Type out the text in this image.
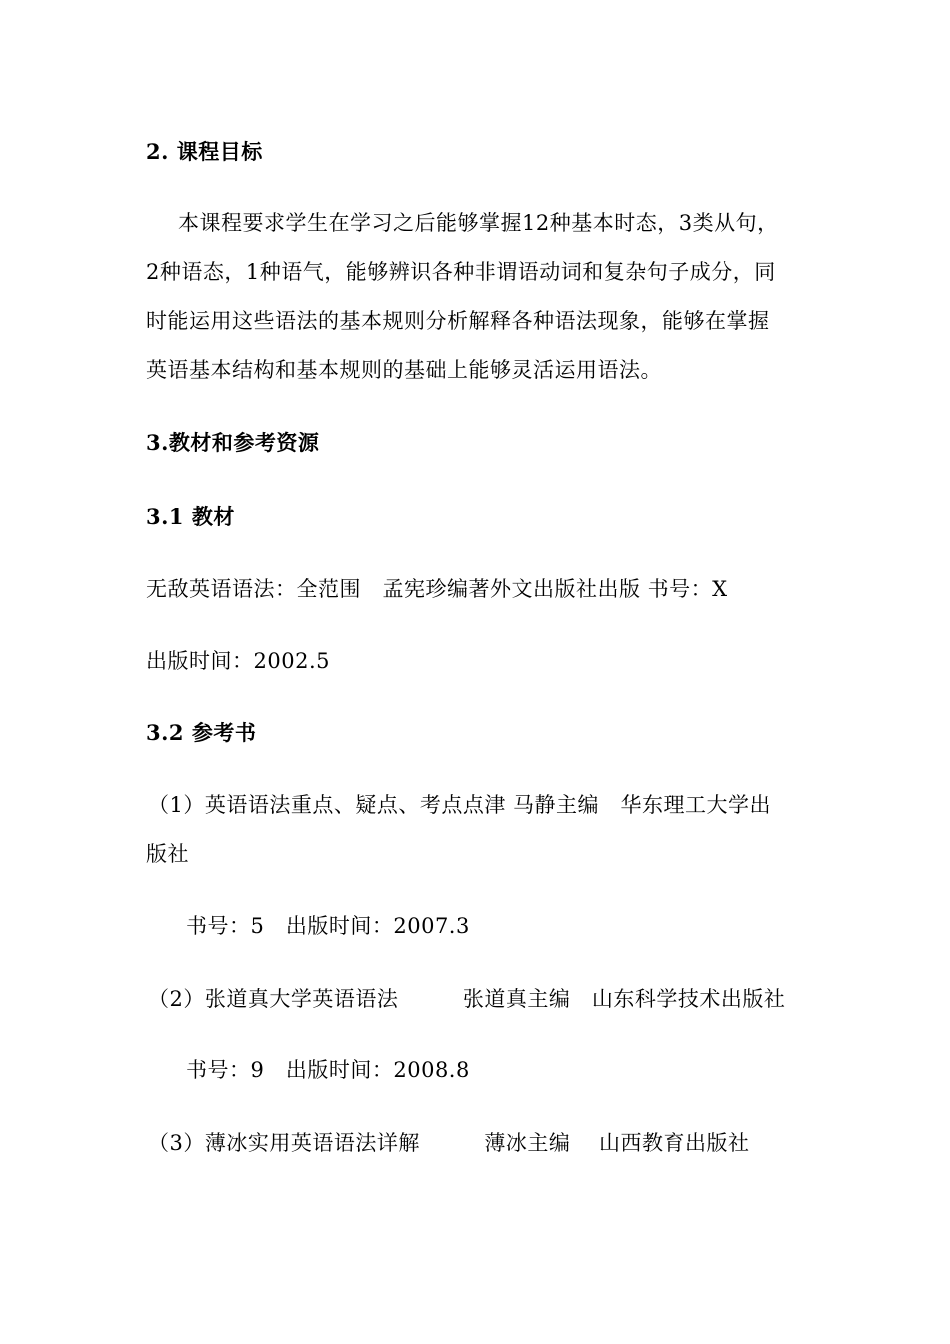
2. 课程目标
本课程要求学生在学习之后能够掌握12种基本时态，3类从句，
2种语态，1种语气，能够辨识各种非谓语动词和复杂句子成分，同
时能运用这些语法的基本规则分析解释各种语法现象，能够在掌握
英语基本结构和基本规则的基础上能够灵活运用语法。
3.教材和参考资源
3.1 教材
无敌英语语法：全范围　孟宪珍编著外文出版社出版 书号：X
出版时间：2002.5
3.2 参考书
（1）英语语法重点、疑点、考点点津 马静主编　华东理工大学出
版社
书号：5　出版时间：2007.3
（2）张道真大学英语语法　　　张道真主编　山东科学技术出版社
书号：9　出版时间：2008.8
（3）薄冰实用英语语法详解　　　薄冰主编　 山西教育出版社
